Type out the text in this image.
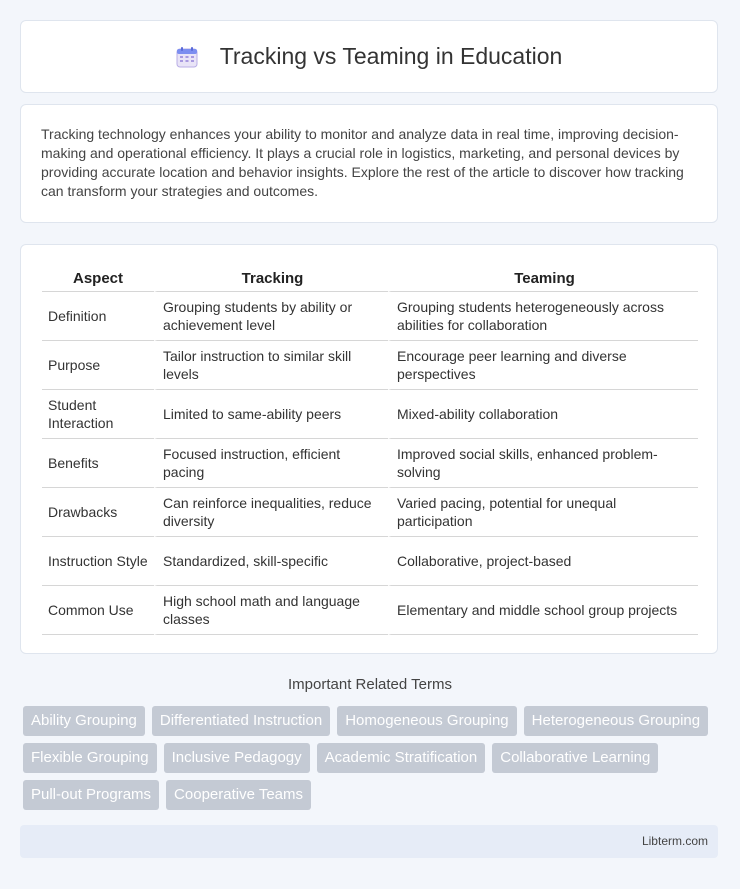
Tracking vs Teaming in Education

Tracking technology enhances your ability to monitor and analyze data in real time, improving decision-making and operational efficiency. It plays a crucial role in logistics, marketing, and personal devices by providing accurate location and behavior insights. Explore the rest of the article to discover how tracking can transform your strategies and outcomes.

Aspect	Tracking	Teaming
Definition	Grouping students by ability or achievement level	Grouping students heterogeneously across abilities for collaboration
Purpose	Tailor instruction to similar skill levels	Encourage peer learning and diverse perspectives
Student Interaction	Limited to same-ability peers	Mixed-ability collaboration
Benefits	Focused instruction, efficient pacing	Improved social skills, enhanced problem-solving
Drawbacks	Can reinforce inequalities, reduce diversity	Varied pacing, potential for unequal participation
Instruction Style	Standardized, skill-specific	Collaborative, project-based
Common Use	High school math and language classes	Elementary and middle school group projects
Important Related Terms
Ability Grouping	Differentiated Instruction	Homogeneous Grouping	Heterogeneous Grouping
Flexible Grouping	Inclusive Pedagogy	Academic Stratification	Collaborative Learning
Pull-out Programs	Cooperative Teams
Libterm.com
